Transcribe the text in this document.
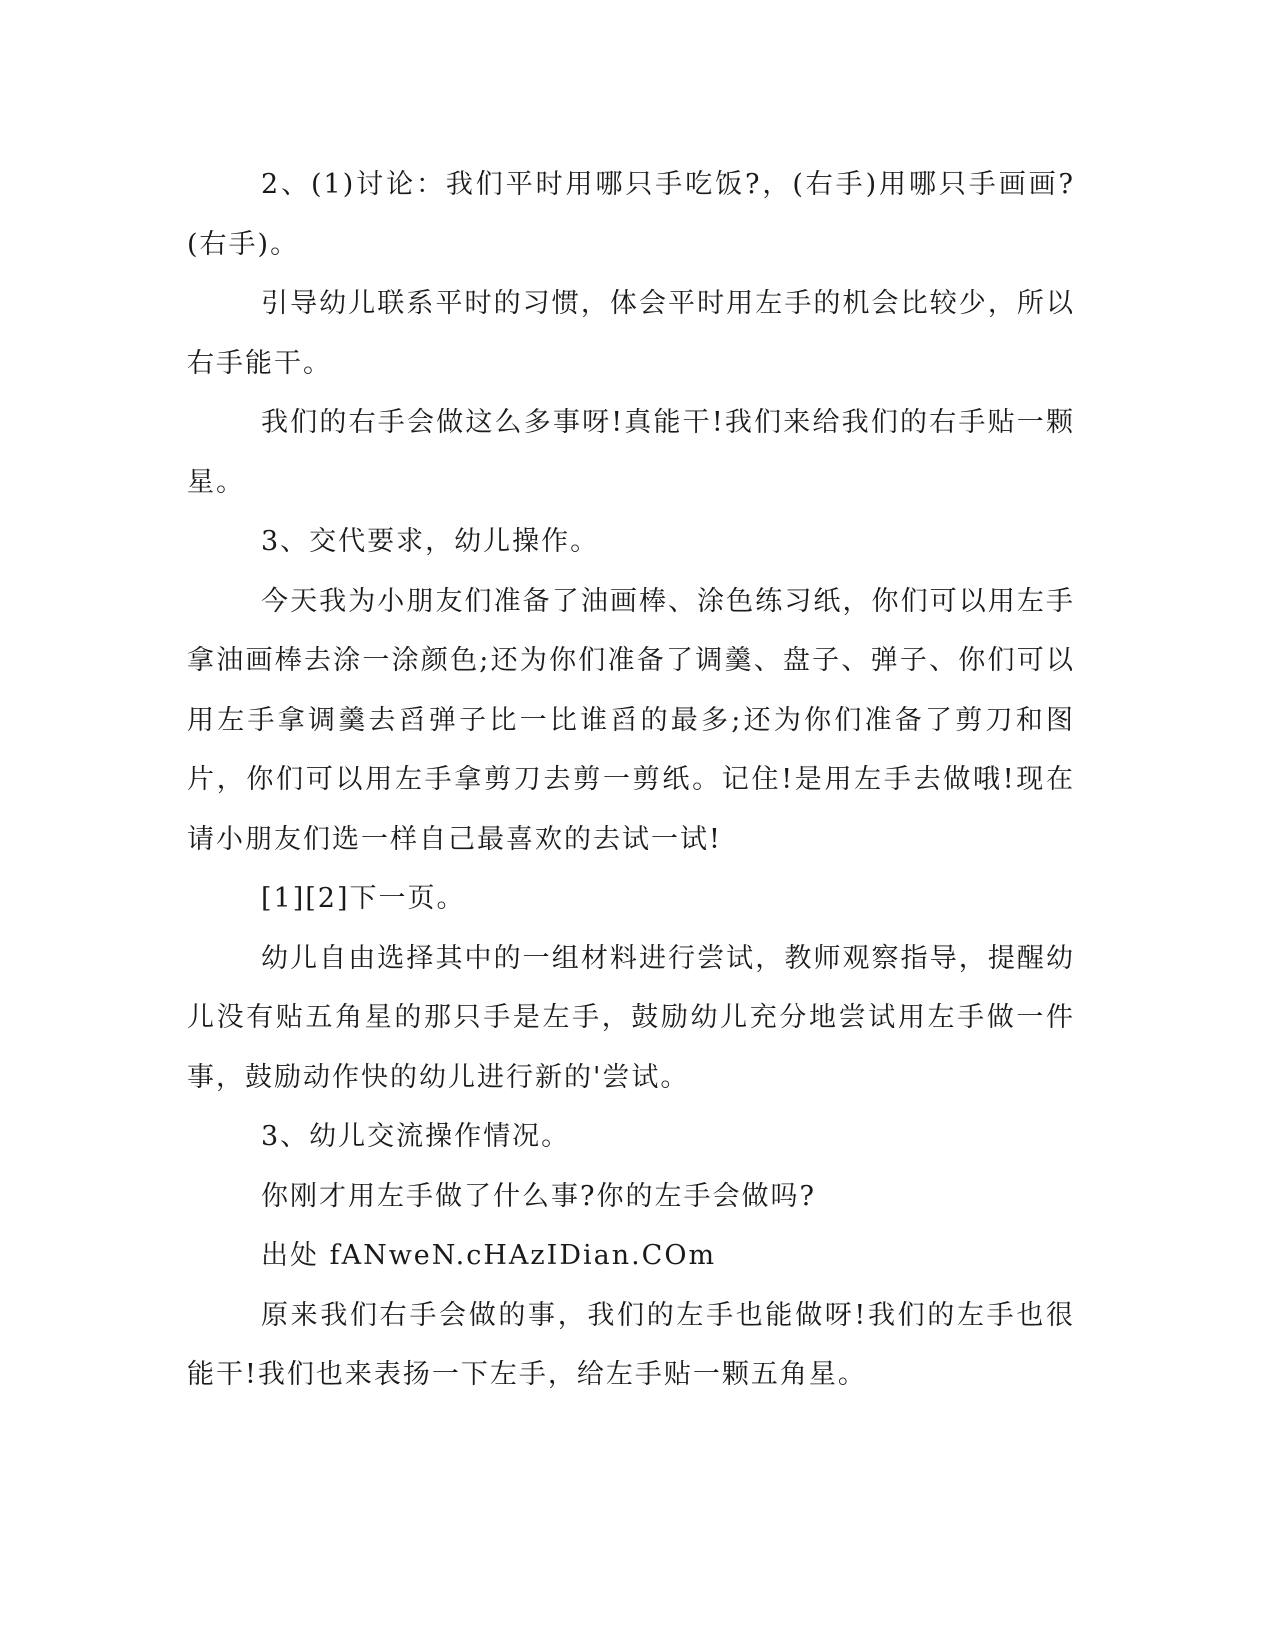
2、(1)讨论：我们平时用哪只手吃饭?，(右手)用哪只手画画?(右手)。

引导幼儿联系平时的习惯，体会平时用左手的机会比较少，所以右手能干。

我们的右手会做这么多事呀!真能干!我们来给我们的右手贴一颗星。

3、交代要求，幼儿操作。

今天我为小朋友们准备了油画棒、涂色练习纸，你们可以用左手拿油画棒去涂一涂颜色;还为你们准备了调羹、盘子、弹子、你们可以用左手拿调羹去舀弹子比一比谁舀的最多;还为你们准备了剪刀和图片，你们可以用左手拿剪刀去剪一剪纸。记住!是用左手去做哦!现在请小朋友们选一样自己最喜欢的去试一试!

[1][2]下一页。

幼儿自由选择其中的一组材料进行尝试，教师观察指导，提醒幼儿没有贴五角星的那只手是左手，鼓励幼儿充分地尝试用左手做一件事，鼓励动作快的幼儿进行新的'尝试。

3、幼儿交流操作情况。

你刚才用左手做了什么事?你的左手会做吗?

出处 fANweN.cHAzIDian.COm

原来我们右手会做的事，我们的左手也能做呀!我们的左手也很能干!我们也来表扬一下左手，给左手贴一颗五角星。
